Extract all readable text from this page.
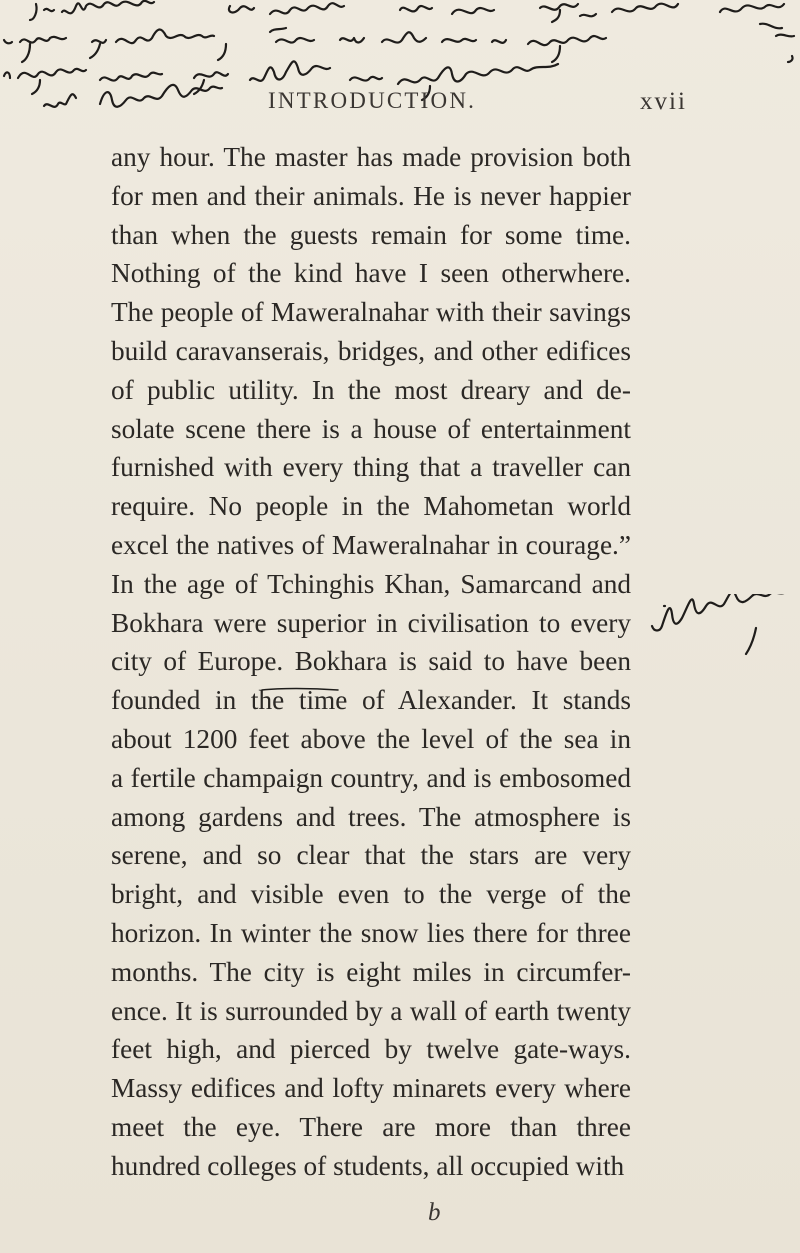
INTRODUCTION.	xvii
any hour. The master has made provision both
for men and their animals. He is never happier
than when the guests remain for some time.
Nothing of the kind have I seen otherwhere.
The people of Maweralnahar with their savings
build caravanserais, bridges, and other edifices
of public utility. In the most dreary and de-
solate scene there is a house of entertainment
furnished with every thing that a traveller can
require. No people in the Mahometan world
excel the natives of Maweralnahar in courage.”
In the age of Tchinghis Khan, Samarcand and
Bokhara were superior in civilisation to every
city of Europe. Bokhara is said to have been
founded in the time of Alexander. It stands
about 1200 feet above the level of the sea in
a fertile champaign country, and is embosomed
among gardens and trees. The atmosphere is
serene, and so clear that the stars are very
bright, and visible even to the verge of the
horizon. In winter the snow lies there for three
months. The city is eight miles in circumfer-
ence. It is surrounded by a wall of earth twenty
feet high, and pierced by twelve gate-ways.
Massy edifices and lofty minarets every where
meet the eye. There are more than three
hundred colleges of students, all occupied with
b
